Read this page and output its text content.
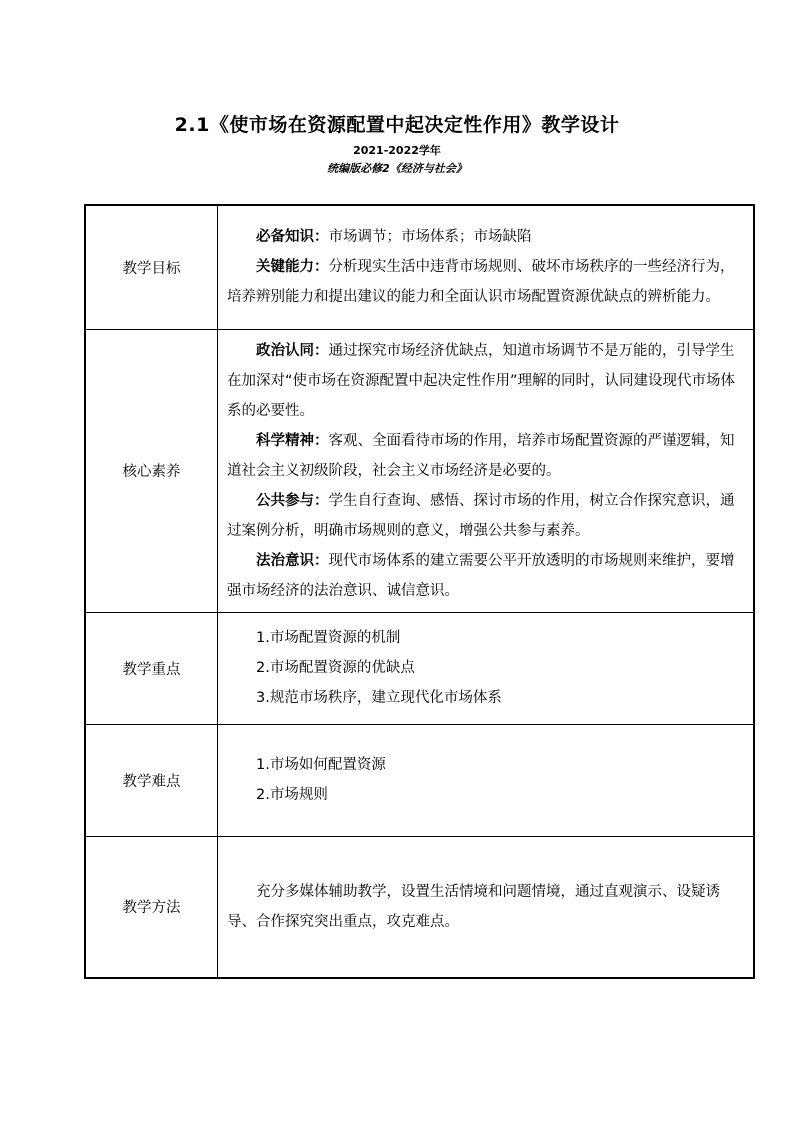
2.1《使市场在资源配置中起决定性作用》教学设计
2021-2022学年
统编版必修2《经济与社会》
教学目标	必备知识：市场调节；市场体系；市场缺陷

关键能力：分析现实生活中违背市场规则、破坏市场秩序的一些经济行为，培养辨别能力和提出建议的能力和全面认识市场配置资源优缺点的辨析能力。

核心素养	政治认同：通过探究市场经济优缺点，知道市场调节不是万能的，引导学生在加深对“使市场在资源配置中起决定性作用”理解的同时，认同建设现代市场体系的必要性。

科学精神：客观、全面看待市场的作用，培养市场配置资源的严谨逻辑，知道社会主义初级阶段，社会主义市场经济是必要的。

公共参与：学生自行查询、感悟、探讨市场的作用，树立合作探究意识，通过案例分析，明确市场规则的意义，增强公共参与素养。

法治意识：现代市场体系的建立需要公平开放透明的市场规则来维护，要增强市场经济的法治意识、诚信意识。

教学重点	1.市场配置资源的机制

2.市场配置资源的优缺点

3.规范市场秩序，建立现代化市场体系

教学难点	1.市场如何配置资源

2.市场规则

教学方法	充分多媒体辅助教学，设置生活情境和问题情境，通过直观演示、设疑诱导、合作探究突出重点，攻克难点。
